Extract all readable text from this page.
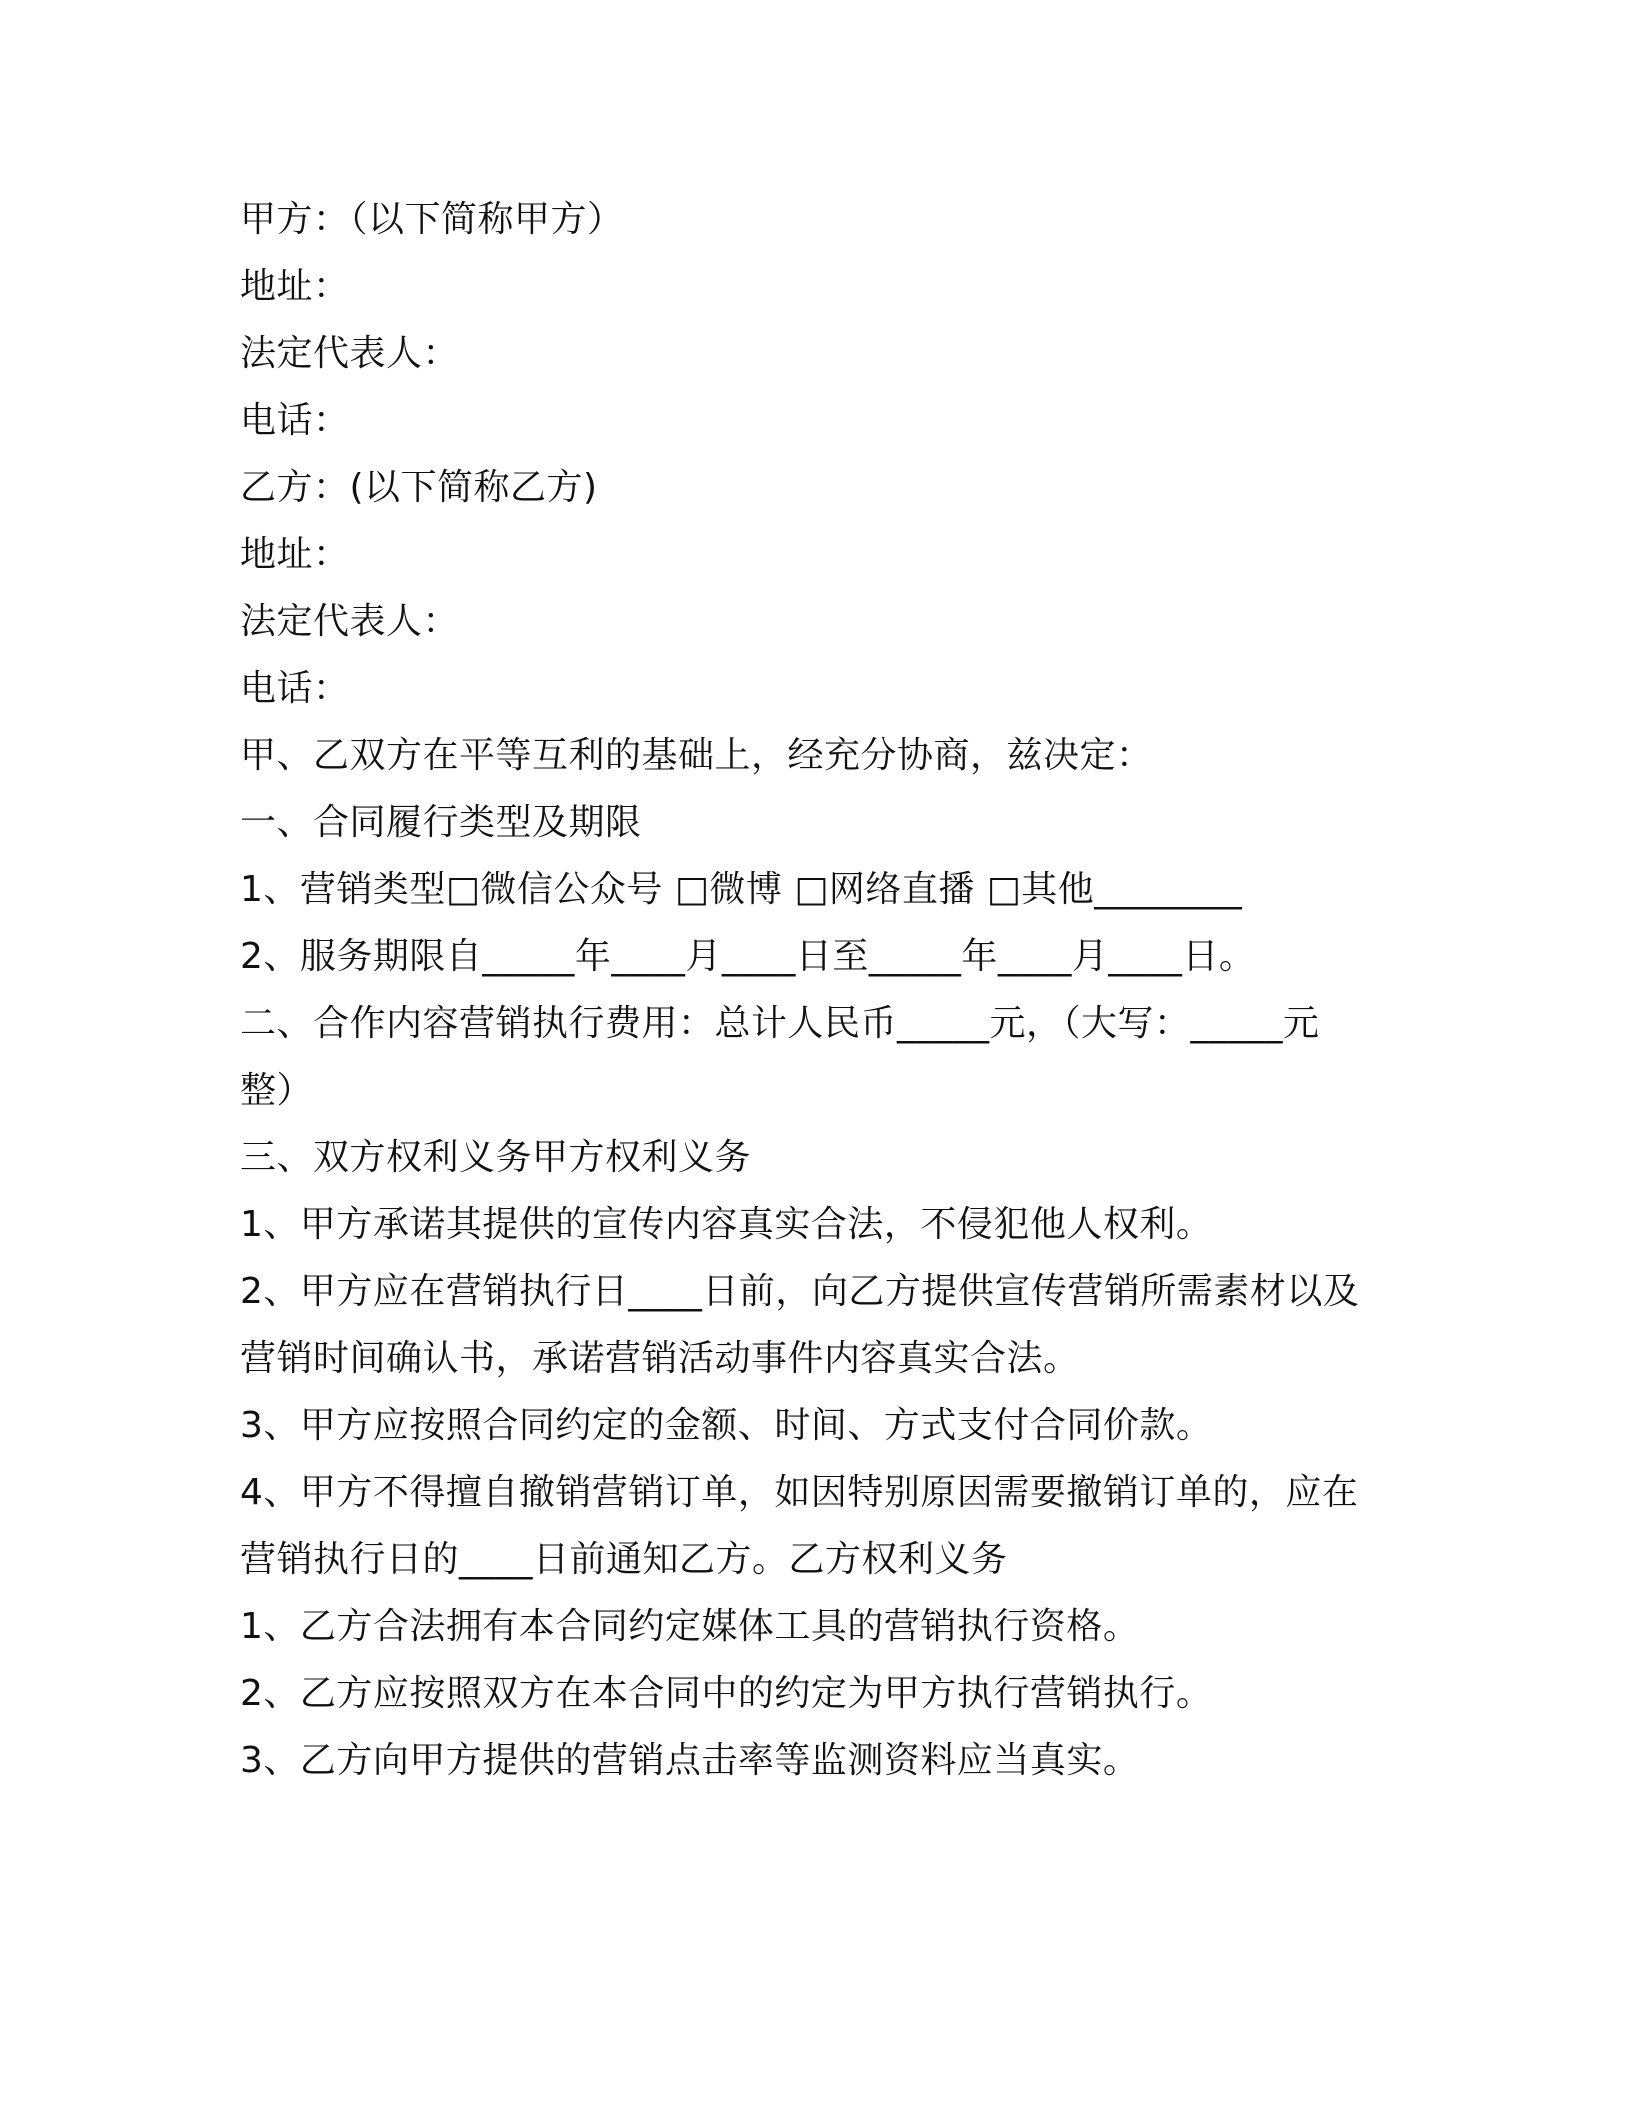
甲方：（以下简称甲方）
地址：
法定代表人：
电话：
乙方：(以下简称乙方)
地址：
法定代表人：
电话：
甲、乙双方在平等互利的基础上，经充分协商，兹决定：
一、合同履行类型及期限
1、营销类型□微信公众号 □微博 □网络直播 □其他________
2、服务期限自_____年____月____日至_____年____月____日。
二、合作内容营销执行费用：总计人民币_____元，（大写：_____元
整）
三、双方权利义务甲方权利义务
1、甲方承诺其提供的宣传内容真实合法，不侵犯他人权利。
2、甲方应在营销执行日____日前，向乙方提供宣传营销所需素材以及
营销时间确认书，承诺营销活动事件内容真实合法。
3、甲方应按照合同约定的金额、时间、方式支付合同价款。
4、甲方不得擅自撤销营销订单，如因特别原因需要撤销订单的，应在
营销执行日的____日前通知乙方。乙方权利义务
1、乙方合法拥有本合同约定媒体工具的营销执行资格。
2、乙方应按照双方在本合同中的约定为甲方执行营销执行。
3、乙方向甲方提供的营销点击率等监测资料应当真实。
